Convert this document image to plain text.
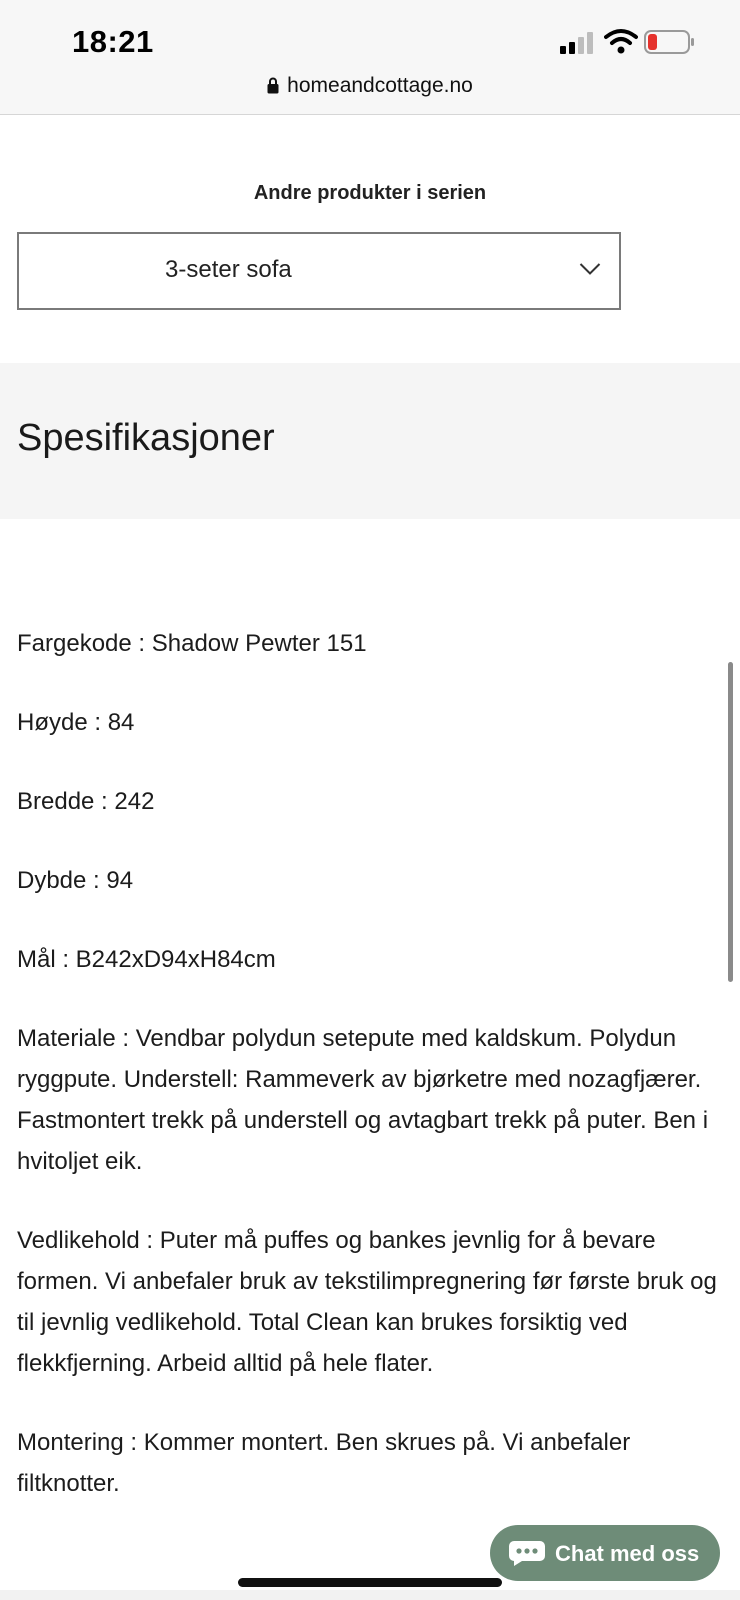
18:21
homeandcottage.no
Andre produkter i serien
3-seter sofa
Spesifikasjoner

Fargekode : Shadow Pewter 151

Høyde : 84

Bredde : 242

Dybde : 94

Mål : B242xD94xH84cm

Materiale : Vendbar polydun setepute med kaldskum. Polydun ryggpute. Understell: Rammeverk av bjørketre med nozagfjærer. Fastmontert trekk på understell og avtagbart trekk på puter. Ben i hvitoljet eik.

Vedlikehold : Puter må puffes og bankes jevnlig for å bevare formen. Vi anbefaler bruk av tekstilimpregnering før første bruk og til jevnlig vedlikehold. Total Clean kan brukes forsiktig ved flekkfjerning. Arbeid alltid på hele flater.

Montering : Kommer montert. Ben skrues på. Vi anbefaler filtknotter.

Chat med oss
